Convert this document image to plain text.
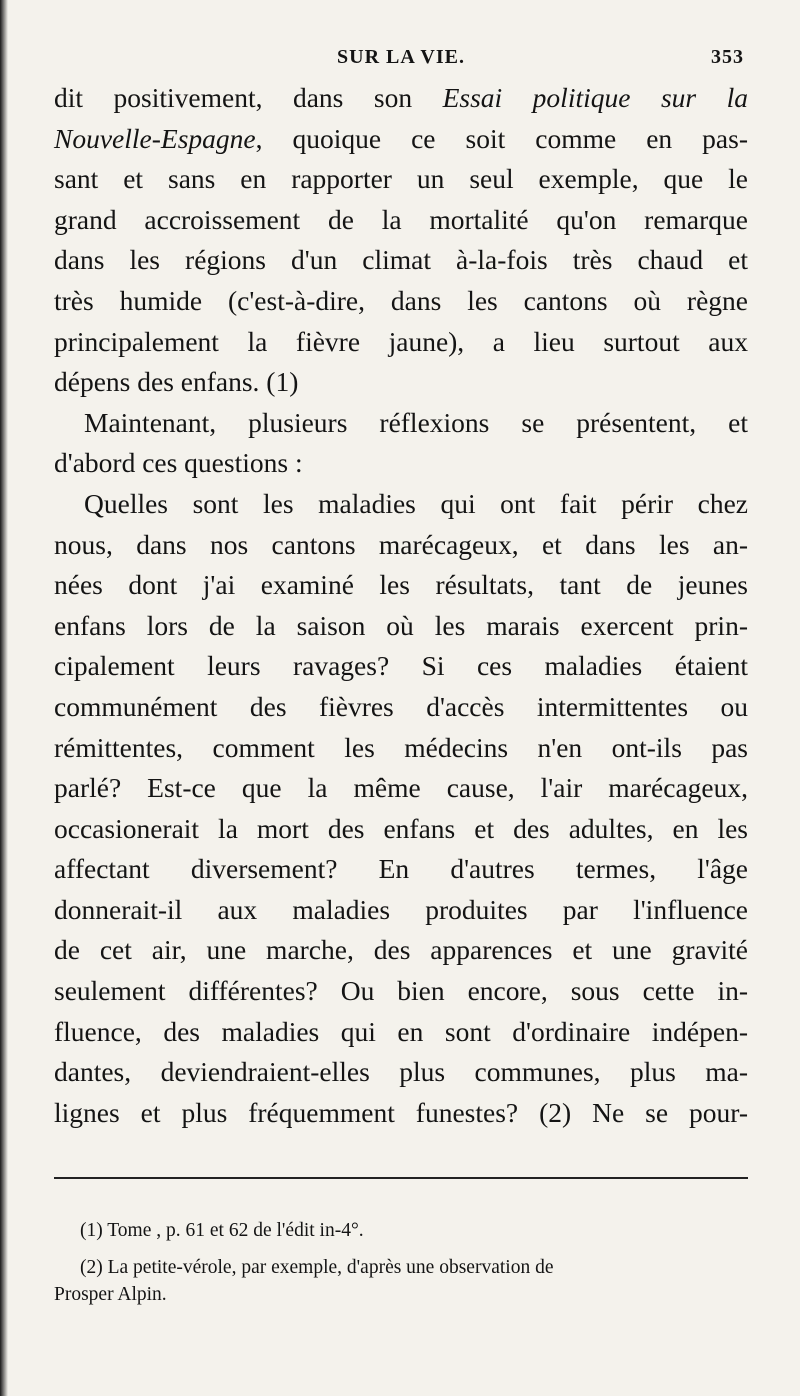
SUR LA VIE.	353
dit positivement, dans son Essai politique sur la
Nouvelle-Espagne, quoique ce soit comme en pas-
sant et sans en rapporter un seul exemple, que le
grand accroissement de la mortalité qu'on remarque
dans les régions d'un climat à-la-fois très chaud et
très humide (c'est-à-dire, dans les cantons où règne
principalement la fièvre jaune), a lieu surtout aux
dépens des enfans. (1)
Maintenant, plusieurs réflexions se présentent, et
d'abord ces questions :
Quelles sont les maladies qui ont fait périr chez
nous, dans nos cantons marécageux, et dans les an-
nées dont j'ai examiné les résultats, tant de jeunes
enfans lors de la saison où les marais exercent prin-
cipalement leurs ravages? Si ces maladies étaient
communément des fièvres d'accès intermittentes ou
rémittentes, comment les médecins n'en ont-ils pas
parlé? Est-ce que la même cause, l'air marécageux,
occasionerait la mort des enfans et des adultes, en les
affectant diversement? En d'autres termes, l'âge
donnerait-il aux maladies produites par l'influence
de cet air, une marche, des apparences et une gravité
seulement différentes? Ou bien encore, sous cette in-
fluence, des maladies qui en sont d'ordinaire indépen-
dantes, deviendraient-elles plus communes, plus ma-
lignes et plus fréquemment funestes? (2) Ne se pour-
(1) Tome , p. 61 et 62 de l'édit in-4°.
(2) La petite-vérole, par exemple, d'après une observation de
Prosper Alpin.
